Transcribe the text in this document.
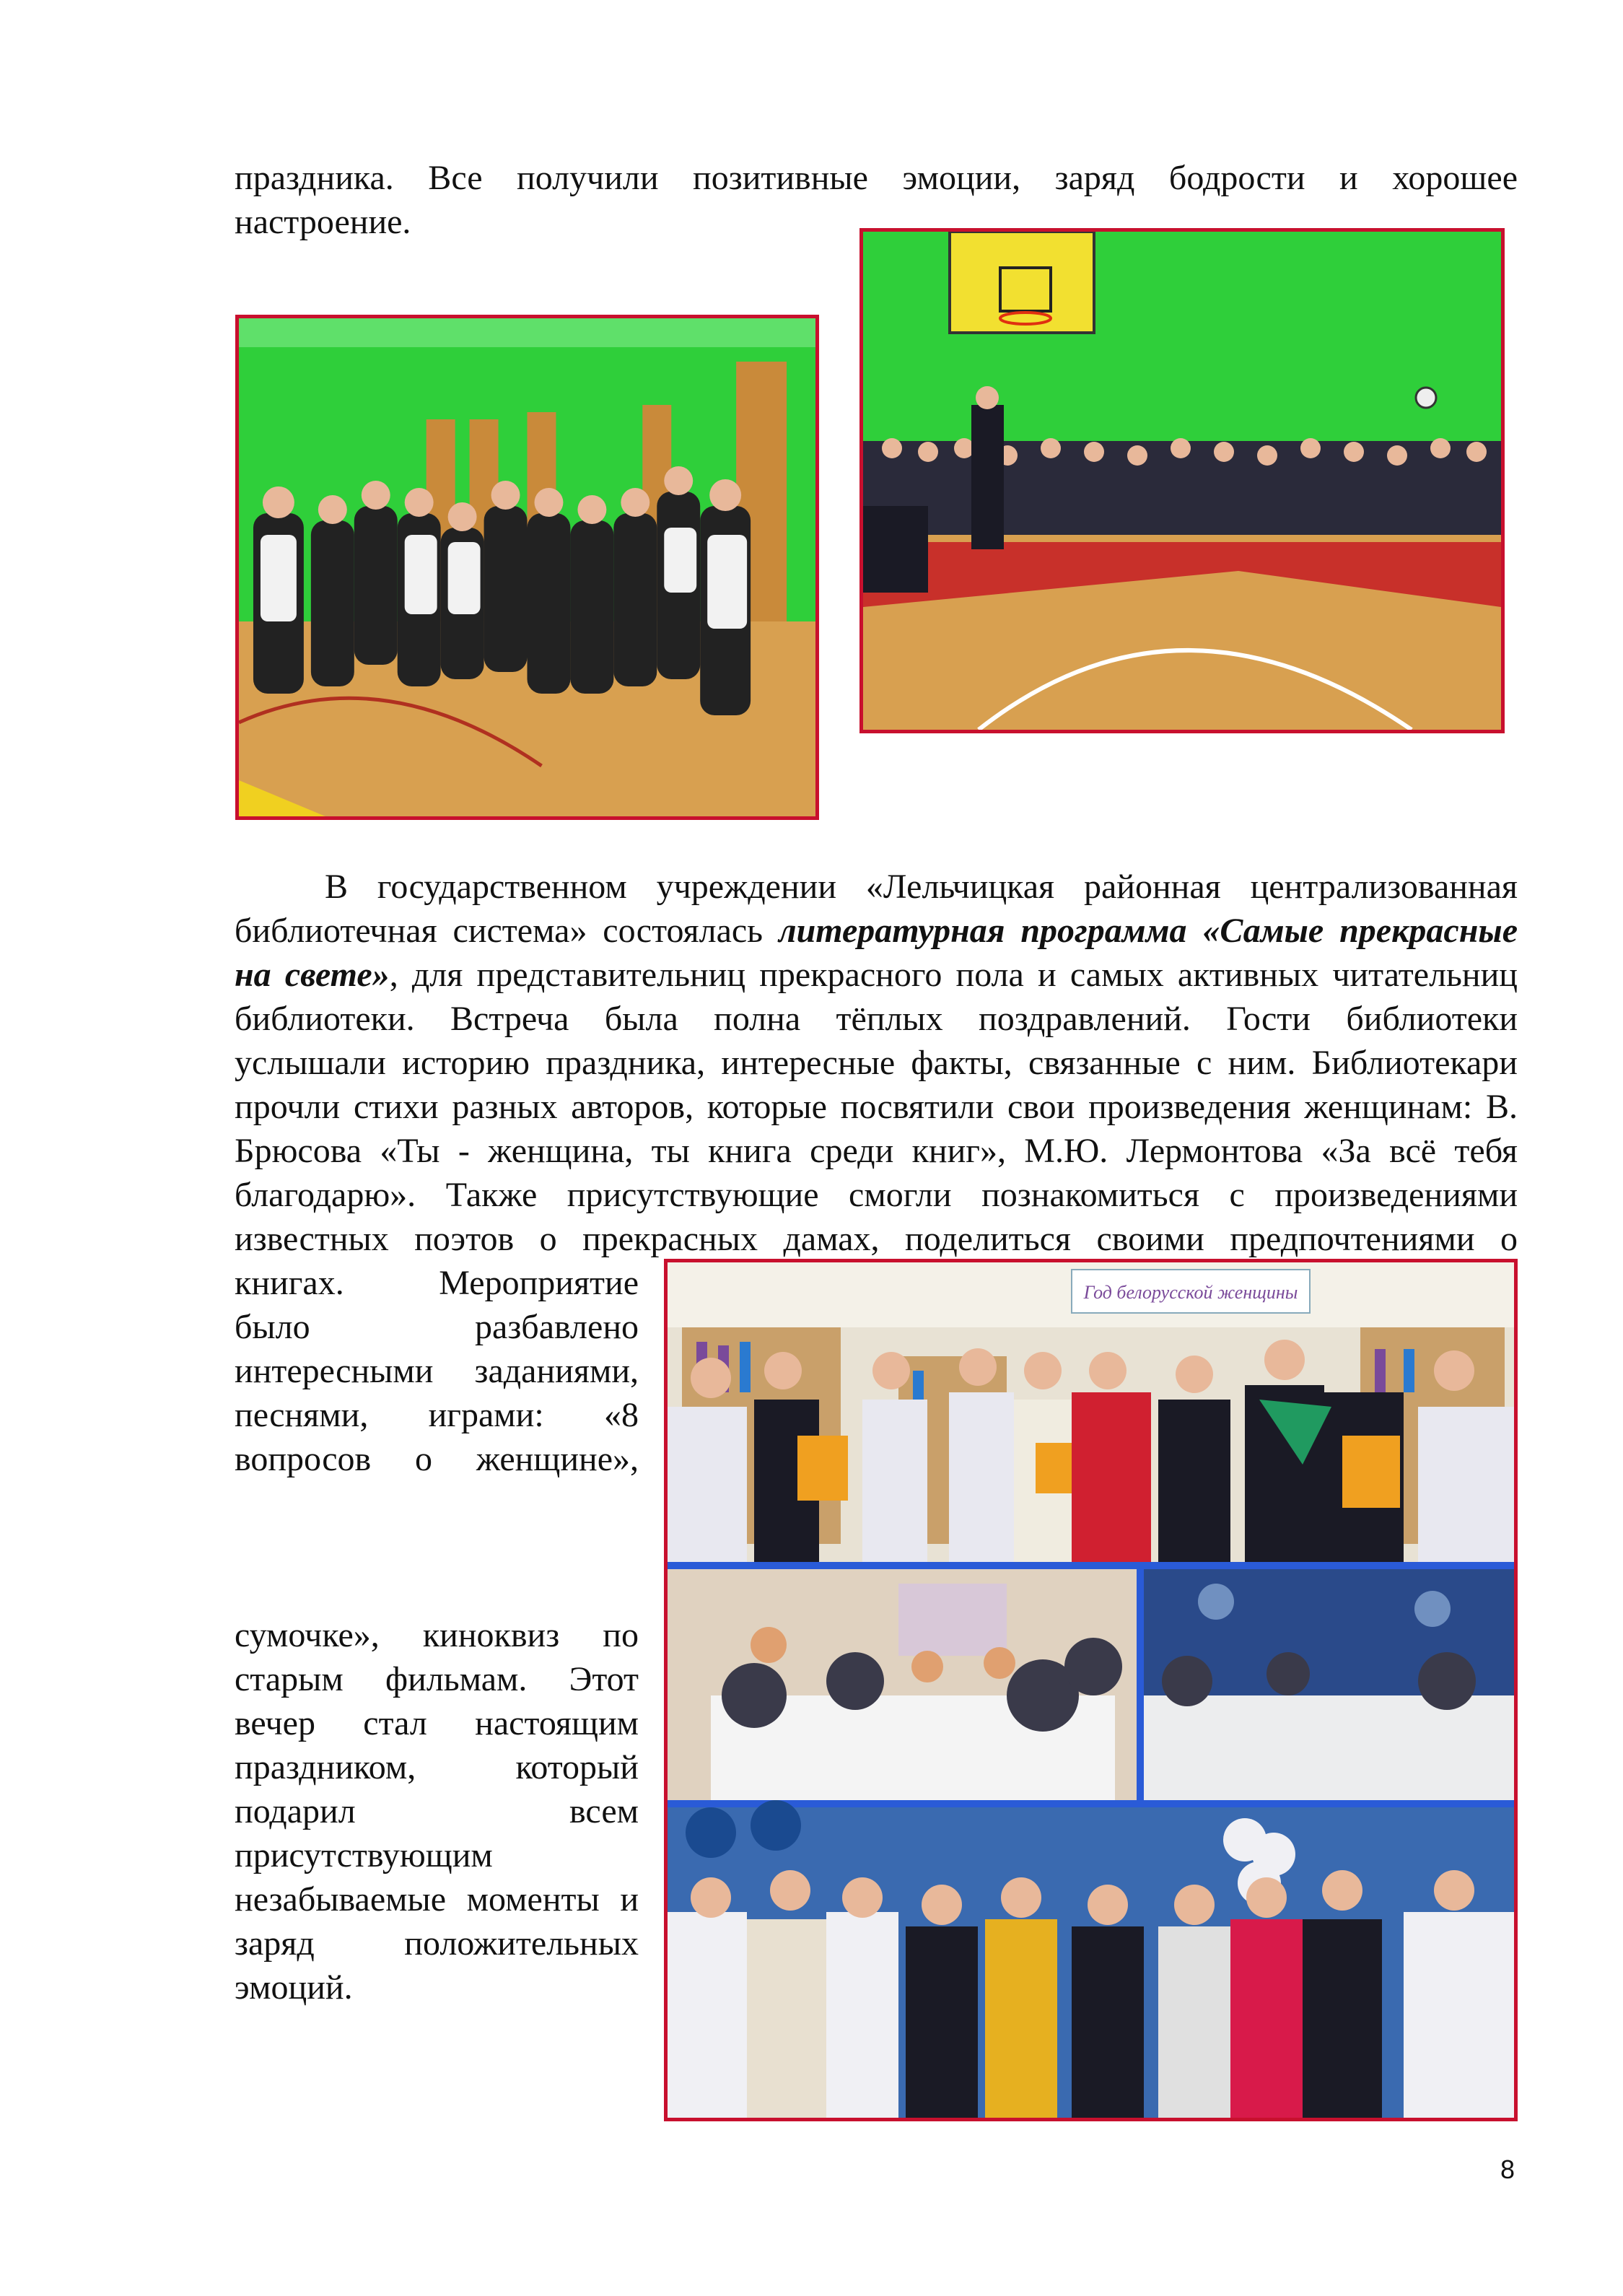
праздника. Все получили позитивные эмоции, заряд бодрости и хорошее
настроение.
В государственном учреждении «Лельчицкая районная централизованная
библиотечная система» состоялась литературная программа «Самые прекрасные
на свете», для представительниц прекрасного пола и самых активных читательниц
библиотеки. Встреча была полна тёплых поздравлений. Гости библиотеки
услышали историю праздника, интересные факты, связанные с ним. Библиотекари
прочли стихи разных авторов, которые посвятили свои произведения женщинам: В.
Брюсова «Ты - женщина, ты книга среди книг», М.Ю. Лермонтова «За всё тебя
благодарю». Также присутствующие смогли познакомиться с произведениями
известных поэтов о прекрасных дамах, поделиться своими предпочтениями о
книгах. Мероприятие
было разбавлено
интересными заданиями,
песнями, играми: «8
вопросов о женщине»,
сумочке», киноквиз по
старым фильмам. Этот
вечер стал настоящим
праздником, который
подарил всем
присутствующим
незабываемые моменты и
заряд положительных
эмоций.
Год белорусской женщины
8
